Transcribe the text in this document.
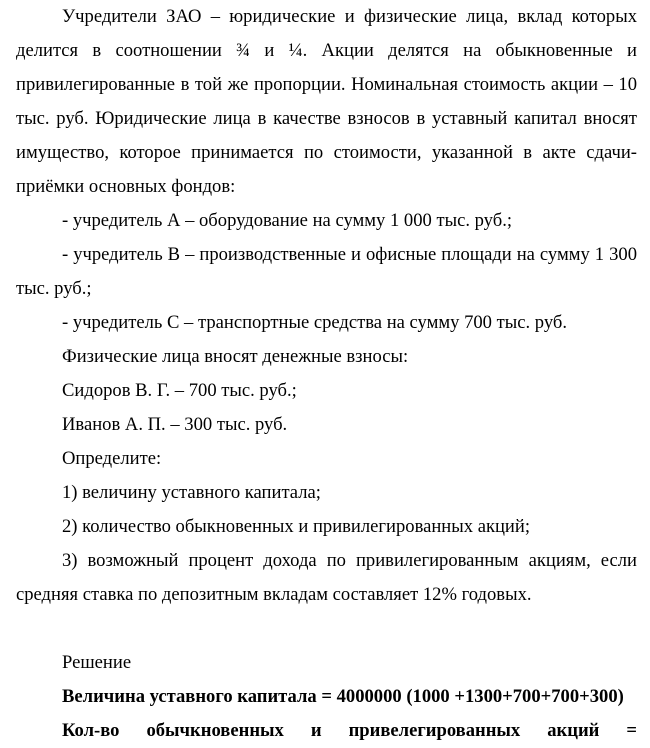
Учредители ЗАО – юридические и физические лица, вклад которых делится в соотношении ¾ и ¼. Акции делятся на обыкновенные и привилегированные в той же пропорции. Номинальная стоимость акции – 10 тыс. руб. Юридические лица в качестве взносов в уставный капитал вносят имущество, которое принимается по стоимости, указанной в акте сдачи-приёмки основных фондов:

- учредитель А – оборудование на сумму 1 000 тыс. руб.;

- учредитель В – производственные и офисные площади на сумму 1 300 тыс. руб.;

- учредитель С – транспортные средства на сумму 700 тыс. руб.

Физические лица вносят денежные взносы:

Сидоров В. Г. – 700 тыс. руб.;

Иванов А. П. – 300 тыс. руб.

Определите:

1) величину уставного капитала;

2) количество обыкновенных и привилегированных акций;

3) возможный процент дохода по привилегированным акциям, если средняя ставка по депозитным вкладам составляет 12% годовых.

Решение

Величина уставного капитала = 4000000 (1000 +1300+700+700+300)

Кол-во обычкновенных и привелегированных акций =
